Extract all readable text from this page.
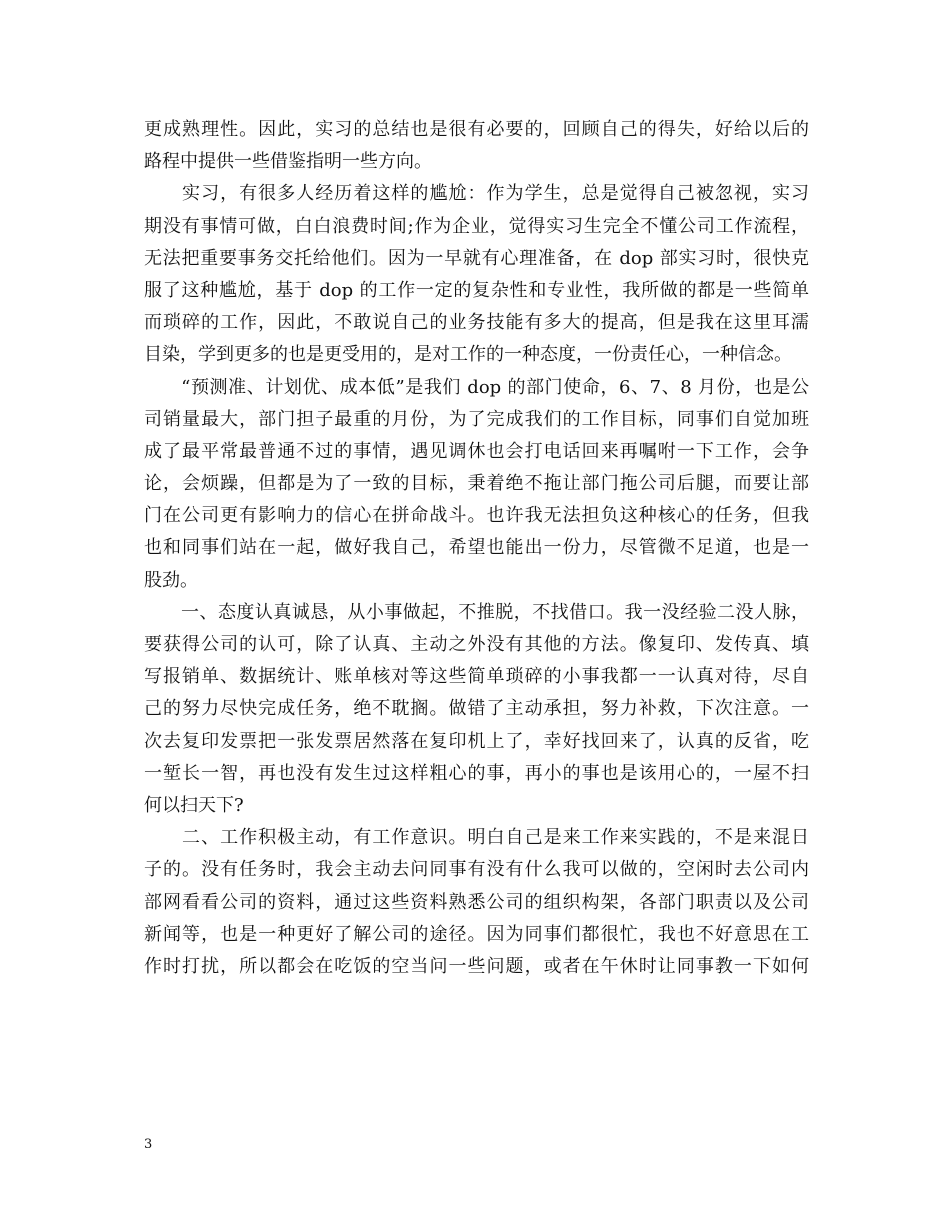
更成熟理性。因此，实习的总结也是很有必要的，回顾自己的得失，好给以后的
路程中提供一些借鉴指明一些方向。
　　实习，有很多人经历着这样的尴尬：作为学生，总是觉得自己被忽视，实习
期没有事情可做，白白浪费时间;作为企业，觉得实习生完全不懂公司工作流程，
无法把重要事务交托给他们。因为一早就有心理准备，在 dop 部实习时，很快克
服了这种尴尬，基于 dop 的工作一定的复杂性和专业性，我所做的都是一些简单
而琐碎的工作，因此，不敢说自己的业务技能有多大的提高，但是我在这里耳濡
目染，学到更多的也是更受用的，是对工作的一种态度，一份责任心，一种信念。
　　“预测准、计划优、成本低”是我们 dop 的部门使命，6、7、8 月份，也是公
司销量最大，部门担子最重的月份，为了完成我们的工作目标，同事们自觉加班
成了最平常最普通不过的事情，遇见调休也会打电话回来再嘱咐一下工作，会争
论，会烦躁，但都是为了一致的目标，秉着绝不拖让部门拖公司后腿，而要让部
门在公司更有影响力的信心在拼命战斗。也许我无法担负这种核心的任务，但我
也和同事们站在一起，做好我自己，希望也能出一份力，尽管微不足道，也是一
股劲。
　　一、态度认真诚恳，从小事做起，不推脱，不找借口。我一没经验二没人脉，
要获得公司的认可，除了认真、主动之外没有其他的方法。像复印、发传真、填
写报销单、数据统计、账单核对等这些简单琐碎的小事我都一一认真对待，尽自
己的努力尽快完成任务，绝不耽搁。做错了主动承担，努力补救，下次注意。一
次去复印发票把一张发票居然落在复印机上了，幸好找回来了，认真的反省，吃
一堑长一智，再也没有发生过这样粗心的事，再小的事也是该用心的，一屋不扫
何以扫天下?
　　二、工作积极主动，有工作意识。明白自己是来工作来实践的，不是来混日
子的。没有任务时，我会主动去问同事有没有什么我可以做的，空闲时去公司内
部网看看公司的资料，通过这些资料熟悉公司的组织构架，各部门职责以及公司
新闻等，也是一种更好了解公司的途径。因为同事们都很忙，我也不好意思在工
作时打扰，所以都会在吃饭的空当问一些问题，或者在午休时让同事教一下如何
3
